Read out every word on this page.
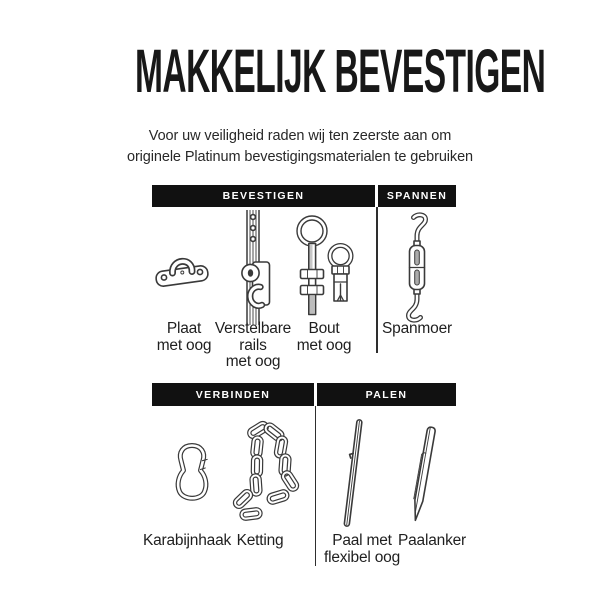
MAKKELIJK BEVESTIGEN

Voor uw veiligheid raden wij ten zeerste aan om
originele Platinum bevestigingsmaterialen te gebruiken

BEVESTIGEN	SPANNEN
Plaat
met oog
Verstelbare
rails
met oog
Bout
met oog
Spanmoer
VERBINDEN	PALEN
Karabijnhaak Ketting	Paal met
flexibel oog
Paalanker
